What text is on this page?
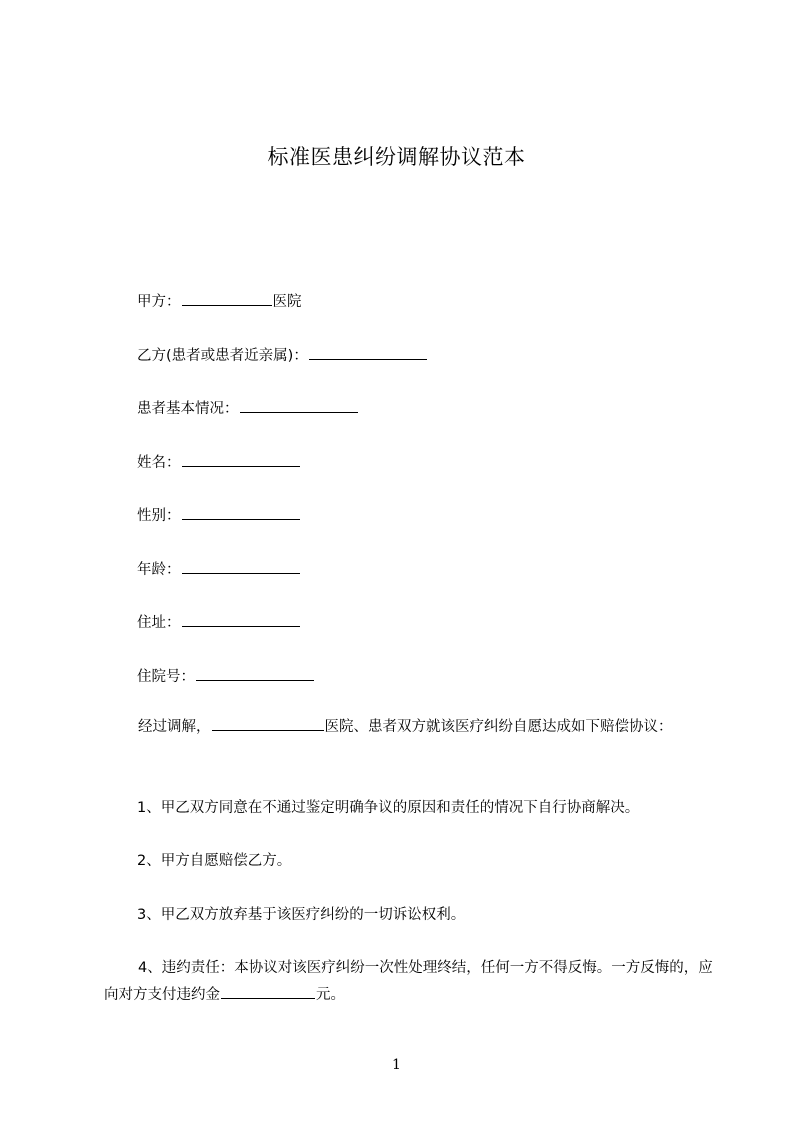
标准医患纠纷调解协议范本
甲方：	医院
乙方(患者或患者近亲属)：
患者基本情况：
姓名：
性别：
年龄：
住址：
住院号：
经过调解，	医院、患者双方就该医疗纠纷自愿达成如下赔偿协议：
1、甲乙双方同意在不通过鉴定明确争议的原因和责任的情况下自行协商解决。
2、甲方自愿赔偿乙方。
3、甲乙双方放弃基于该医疗纠纷的一切诉讼权利。
4、违约责任：本协议对该医疗纠纷一次性处理终结，任何一方不得反悔。一方反悔的，应向对方支付违约金	元。
1
